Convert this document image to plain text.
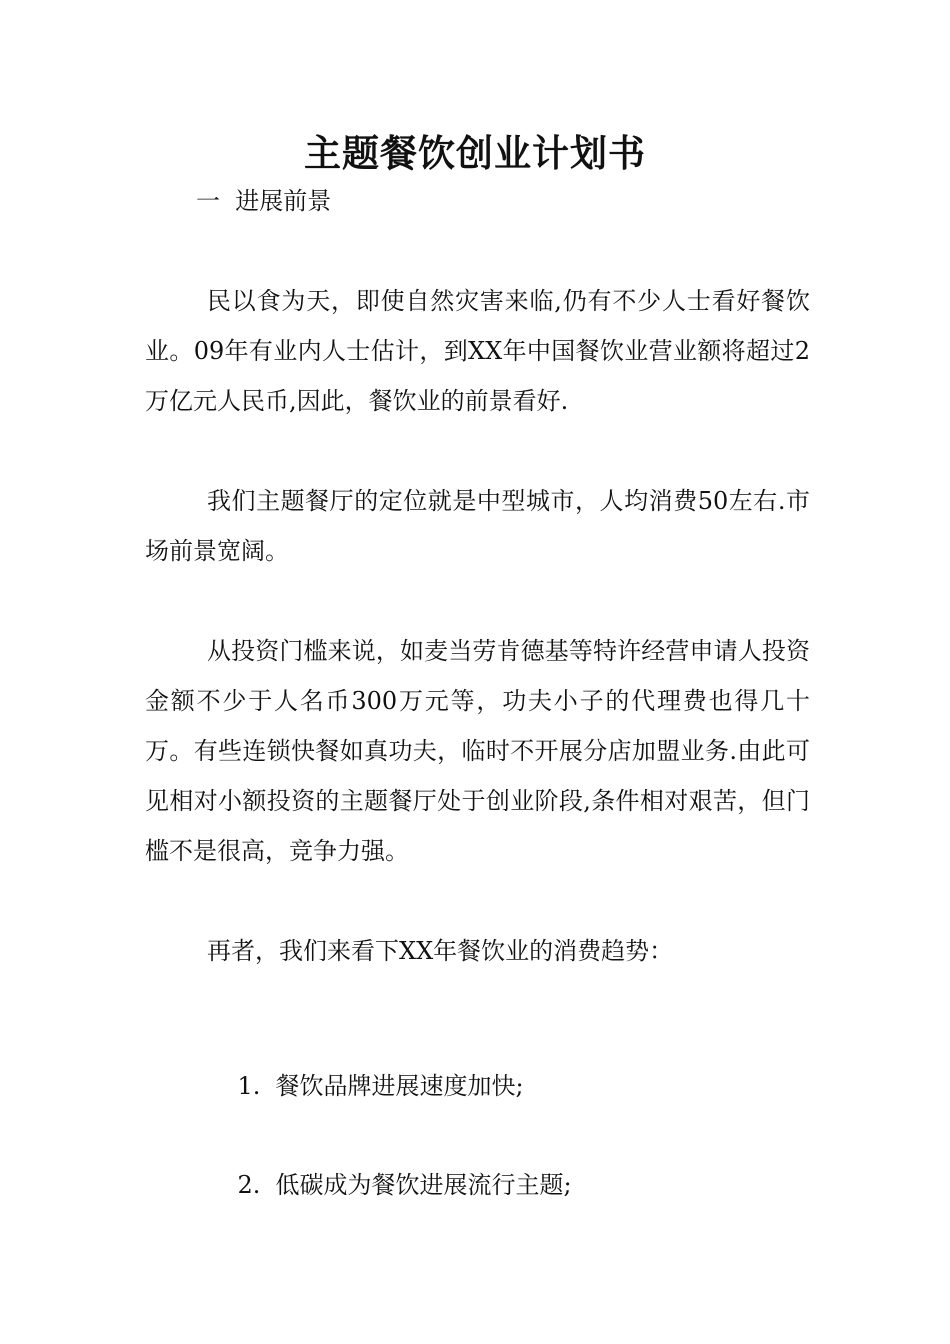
主题餐饮创业计划书
一  进展前景

民以食为天，即使自然灾害来临,仍有不少人士看好餐饮业。09年有业内人士估计，到XX年中国餐饮业营业额将超过2万亿元人民币,因此，餐饮业的前景看好.

我们主题餐厅的定位就是中型城市，人均消费50左右.市场前景宽阔。

从投资门槛来说，如麦当劳肯德基等特许经营申请人投资金额不少于人名币300万元等，功夫小子的代理费也得几十万。有些连锁快餐如真功夫，临时不开展分店加盟业务.由此可见相对小额投资的主题餐厅处于创业阶段,条件相对艰苦，但门槛不是很高，竞争力强。

再者，我们来看下XX年餐饮业的消费趋势：

1. 餐饮品牌进展速度加快;

2. 低碳成为餐饮进展流行主题;
